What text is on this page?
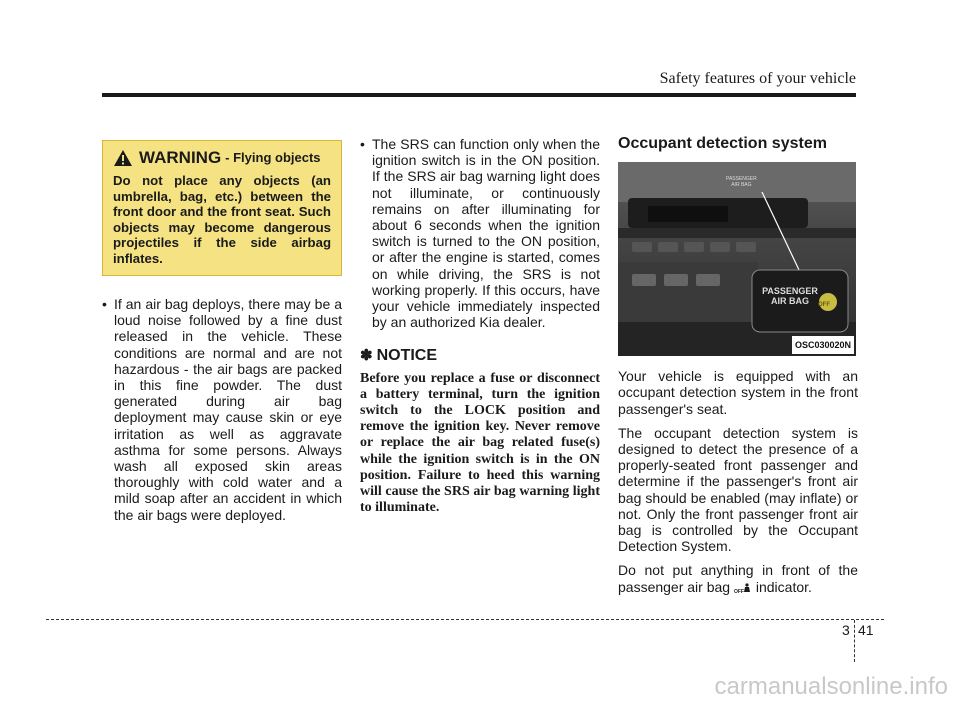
Safety features of your vehicle
WARNING - Flying objects
Do not place any objects (an umbrella, bag, etc.) between the front door and the front seat. Such objects may become dangerous projectiles if the side airbag inflates.
• If an air bag deploys, there may be a loud noise followed by a fine dust released in the vehicle. These conditions are normal and are not hazardous - the air bags are packed in this fine powder. The dust generated during air bag deployment may cause skin or eye irritation as well as aggravate asthma for some persons. Always wash all exposed skin areas thoroughly with cold water and a mild soap after an accident in which the air bags were deployed.
• The SRS can function only when the ignition switch is in the ON position. If the SRS air bag warning light does not illuminate, or continuously remains on after illuminating for about 6 seconds when the ignition switch is turned to the ON position, or after the engine is started, comes on while driving, the SRS is not working properly. If this occurs, have your vehicle immediately inspected by an authorized Kia dealer.
✽ NOTICE
Before you replace a fuse or disconnect a battery terminal, turn the ignition switch to the LOCK position and remove the ignition key. Never remove or replace the air bag related fuse(s) while the ignition switch is in the ON position. Failure to heed this warning will cause the SRS air bag warning light to illuminate.
Occupant detection system
PASSENGER
AIR BAG
PASSENGER
AIR BAG	OFF
OSC030020N
Your vehicle is equipped with an occupant detection system in the front passenger's seat.
The occupant detection system is designed to detect the presence of a properly-seated front passenger and determine if the passenger's front air bag should be enabled (may inflate) or not. Only the front passenger front air bag is controlled by the Occupant Detection System.
Do not put anything in front of the passenger air bag OFF indicator.
3 41
carmanualsonline.info
